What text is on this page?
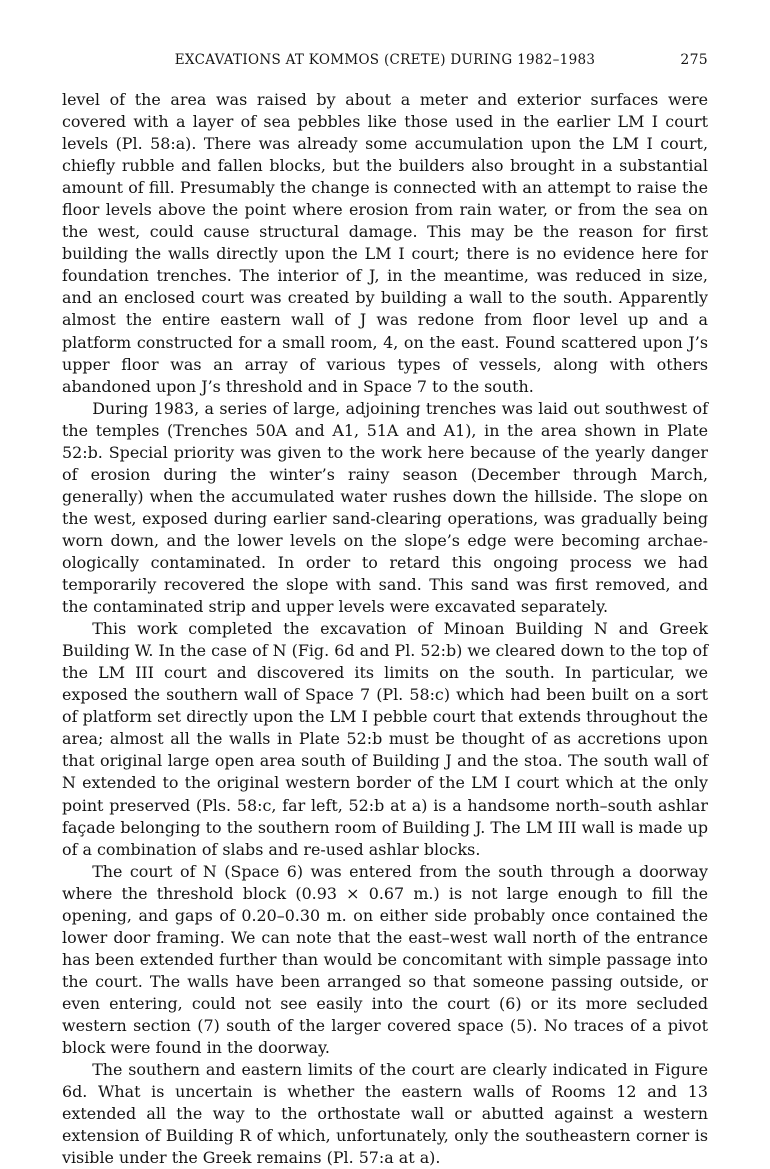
EXCAVATIONS AT KOMMOS (CRETE) DURING 1982–1983	275

level of the area was raised by about a meter and exterior surfaces were covered with a layer of sea pebbles like those used in the earlier LM I court levels (Pl. 58:a). There was already some accumulation upon the LM I court, chiefly rubble and fallen blocks, but the builders also brought in a substantial amount of fill. Presumably the change is connected with an attempt to raise the floor levels above the point where erosion from rain water, or from the sea on the west, could cause structural damage. This may be the reason for first building the walls directly upon the LM I court; there is no evidence here for foundation trenches. The interior of J, in the meantime, was reduced in size, and an enclosed court was created by building a wall to the south. Apparently almost the entire eastern wall of J was redone from floor level up and a platform constructed for a small room, 4, on the east. Found scattered upon J’s upper floor was an array of various types of vessels, along with others abandoned upon J’s threshold and in Space 7 to the south.

During 1983, a series of large, adjoining trenches was laid out southwest of the temples (Trenches 50A and A1, 51A and A1), in the area shown in Plate 52:b. Special priority was given to the work here because of the yearly danger of erosion during the winter’s rainy season (December through March, generally) when the accumulated water rushes down the hillside. The slope on the west, exposed during earlier sand-clearing operations, was gradually being worn down, and the lower levels on the slope’s edge were becoming archaeologically contaminated. In order to retard this ongoing process we had temporarily recovered the slope with sand. This sand was first removed, and the contaminated strip and upper levels were excavated separately.

This work completed the excavation of Minoan Building N and Greek Building W. In the case of N (Fig. 6d and Pl. 52:b) we cleared down to the top of the LM III court and discovered its limits on the south. In particular, we exposed the southern wall of Space 7 (Pl. 58:c) which had been built on a sort of platform set directly upon the LM I pebble court that extends throughout the area; almost all the walls in Plate 52:b must be thought of as accretions upon that original large open area south of Building J and the stoa. The south wall of N extended to the original western border of the LM I court which at the only point preserved (Pls. 58:c, far left, 52:b at a) is a handsome north–south ashlar façade belonging to the southern room of Building J. The LM III wall is made up of a combination of slabs and re-used ashlar blocks.

The court of N (Space 6) was entered from the south through a doorway where the threshold block (0.93 × 0.67 m.) is not large enough to fill the opening, and gaps of 0.20–0.30 m. on either side probably once contained the lower door framing. We can note that the east–west wall north of the entrance has been extended further than would be concomitant with simple passage into the court. The walls have been arranged so that someone passing outside, or even entering, could not see easily into the court (6) or its more secluded western section (7) south of the larger covered space (5). No traces of a pivot block were found in the doorway.

The southern and eastern limits of the court are clearly indicated in Figure 6d. What is uncertain is whether the eastern walls of Rooms 12 and 13 extended all the way to the orthostate wall or abutted against a western extension of Building R of which, unfortunately, only the southeastern corner is visible under the Greek remains (Pl. 57:a at a).
